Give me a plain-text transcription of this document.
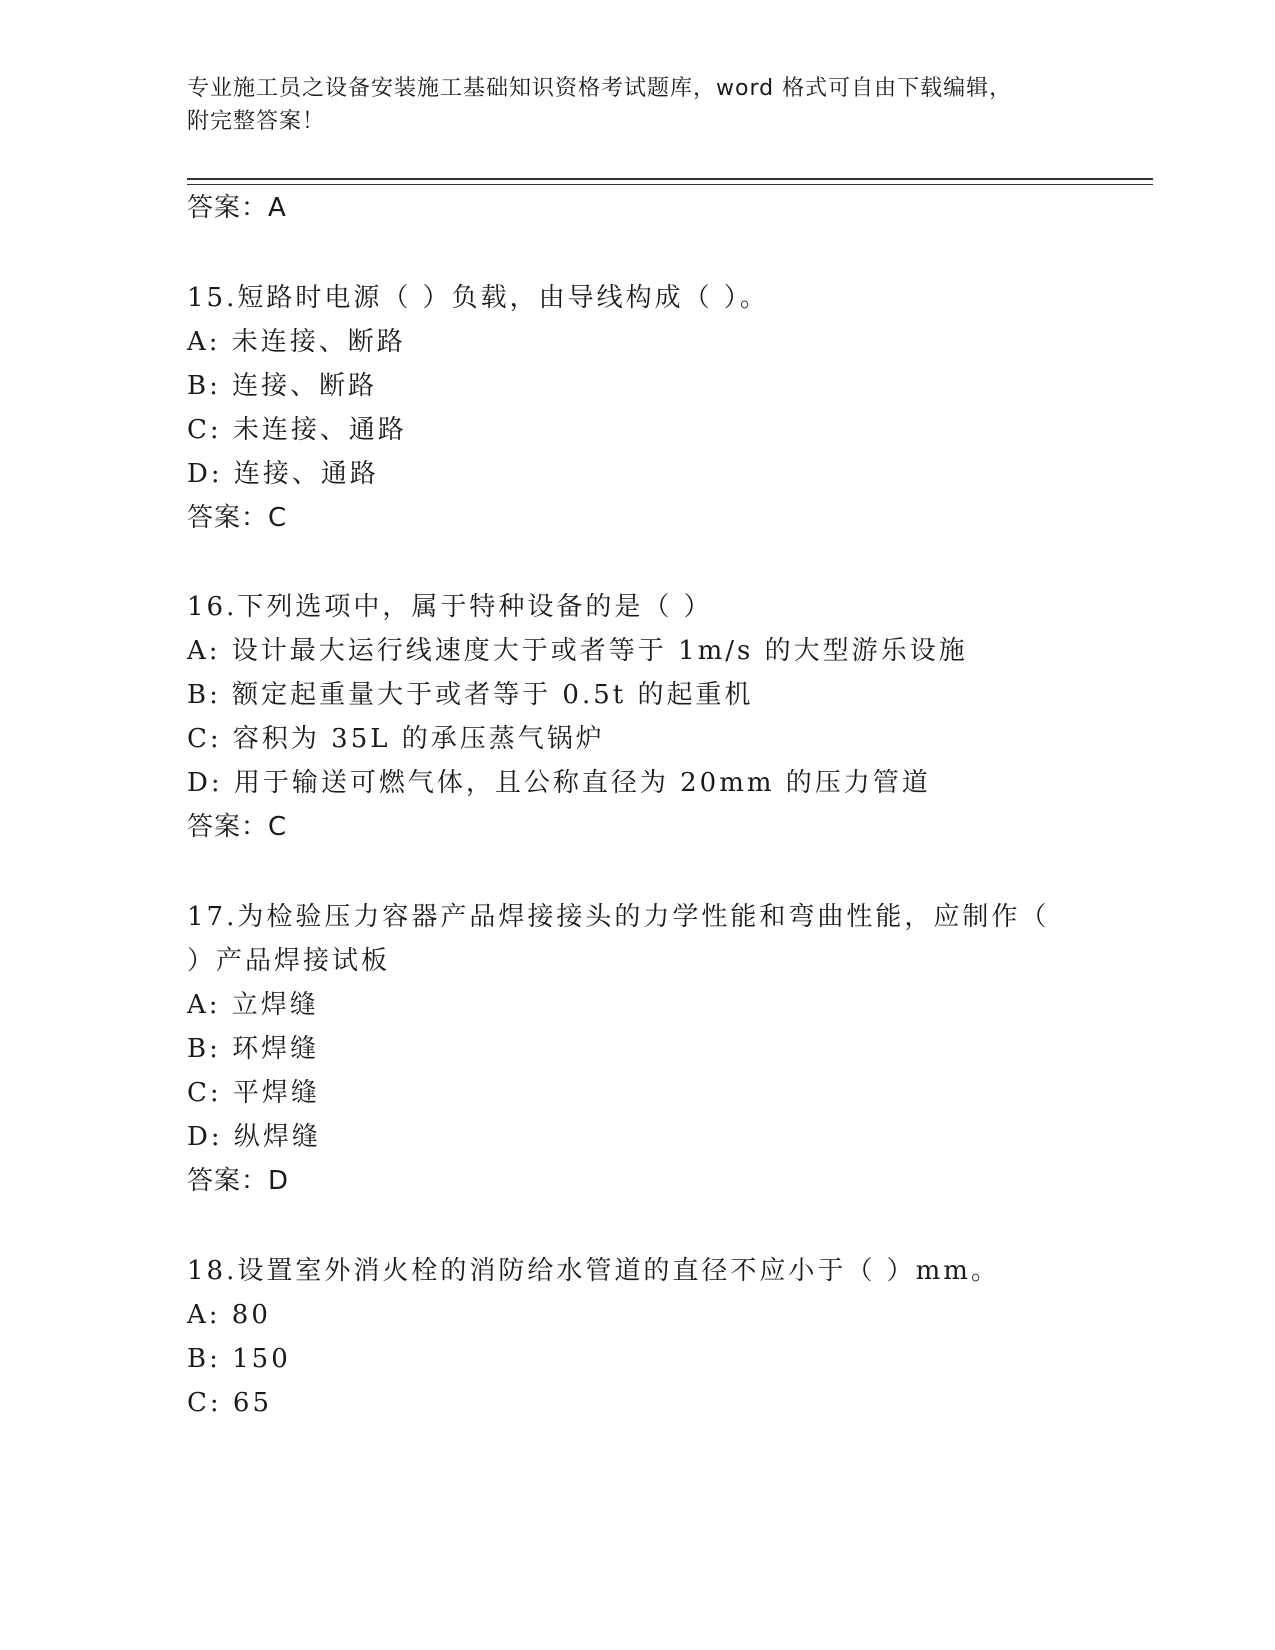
专业施工员之设备安装施工基础知识资格考试题库，word 格式可自由下载编辑，
附完整答案！
答案：A
15.短路时电源（ ）负载，由导线构成（ ）。
A: 未连接、断路
B: 连接、断路
C: 未连接、通路
D: 连接、通路
答案：C
16.下列选项中，属于特种设备的是（ ）
A: 设计最大运行线速度大于或者等于 1m/s 的大型游乐设施
B: 额定起重量大于或者等于 0.5t 的起重机
C: 容积为 35L 的承压蒸气锅炉
D: 用于输送可燃气体，且公称直径为 20mm 的压力管道
答案：C
17.为检验压力容器产品焊接接头的力学性能和弯曲性能，应制作（
）产品焊接试板
A: 立焊缝
B: 环焊缝
C: 平焊缝
D: 纵焊缝
答案：D
18.设置室外消火栓的消防给水管道的直径不应小于（ ）mm。
A: 80
B: 150
C: 65
